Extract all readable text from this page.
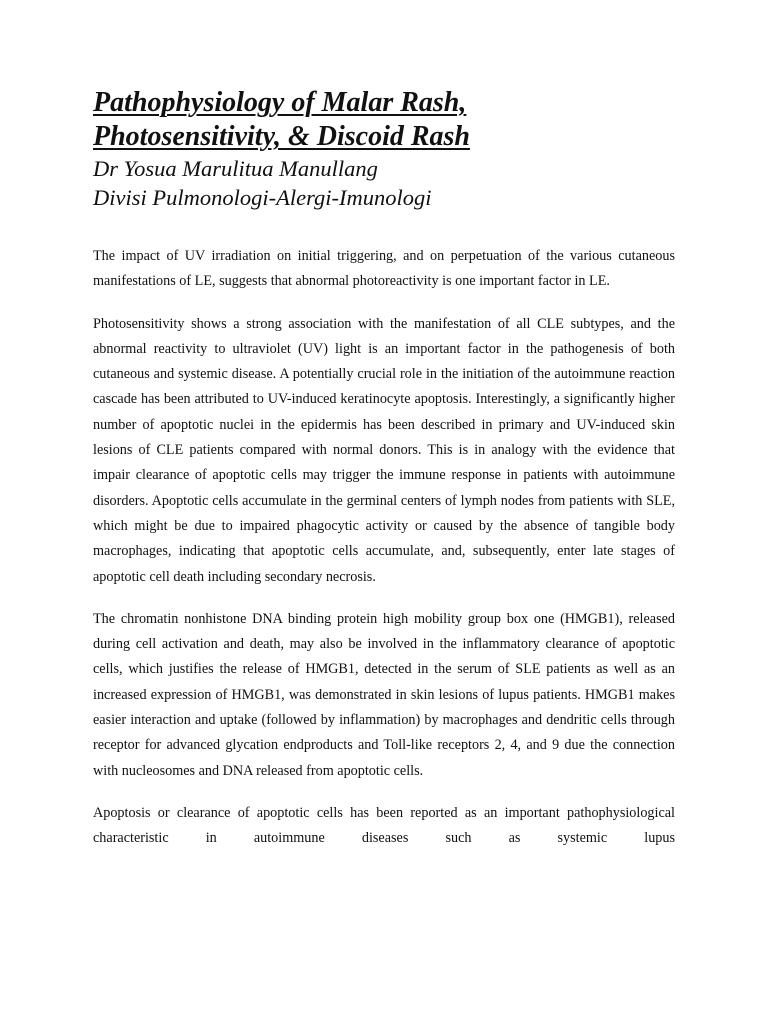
Pathophysiology of Malar Rash,
Photosensitivity, & Discoid Rash
Dr Yosua Marulitua Manullang
Divisi Pulmonologi-Alergi-Imunologi

The impact of UV irradiation on initial triggering, and on perpetuation of the various cutaneous manifestations of LE, suggests that abnormal photoreactivity is one important factor in LE.

Photosensitivity shows a strong association with the manifestation of all CLE subtypes, and the abnormal reactivity to ultraviolet (UV) light is an important factor in the pathogenesis of both cutaneous and systemic disease. A potentially crucial role in the initiation of the autoimmune reaction cascade has been attributed to UV-induced keratinocyte apoptosis. Interestingly, a significantly higher number of apoptotic nuclei in the epidermis has been described in primary and UV-induced skin lesions of CLE patients compared with normal donors. This is in analogy with the evidence that impair clearance of apoptotic cells may trigger the immune response in patients with autoimmune disorders. Apoptotic cells accumulate in the germinal centers of lymph nodes from patients with SLE, which might be due to impaired phagocytic activity or caused by the absence of tangible body macrophages, indicating that apoptotic cells accumulate, and, subsequently, enter late stages of apoptotic cell death including secondary necrosis.

The chromatin nonhistone DNA binding protein high mobility group box one (HMGB1), released during cell activation and death, may also be involved in the inflammatory clearance of apoptotic cells, which justifies the release of HMGB1, detected in the serum of SLE patients as well as an increased expression of HMGB1, was demonstrated in skin lesions of lupus patients. HMGB1 makes easier interaction and uptake (followed by inflammation) by macrophages and dendritic cells through receptor for advanced glycation endproducts and Toll-like receptors 2, 4, and 9 due the connection with nucleosomes and DNA released from apoptotic cells.

Apoptosis or clearance of apoptotic cells has been reported as an important pathophysiological characteristic in autoimmune diseases such as systemic lupus
